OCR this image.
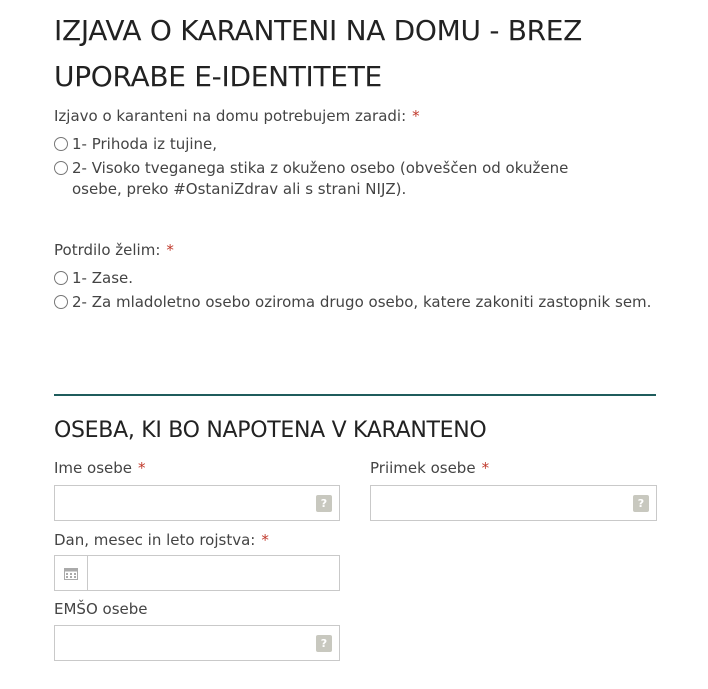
IZJAVA O KARANTENI NA DOMU - BREZ UPORABE E-IDENTITETE
Izjavo o karanteni na domu potrebujem zaradi: *
1- Prihoda iz tujine,
2- Visoko tveganega stika z okuženo osebo (obveščen od okužene osebe, preko #OstaniZdrav ali s strani NIJZ).
Potrdilo želim: *
1- Zase.
2- Za mladoletno osebo oziroma drugo osebo, katere zakoniti zastopnik sem.
OSEBA, KI BO NAPOTENA V KARANTENO
Ime osebe *
?
Priimek osebe *
?
Dan, mesec in leto rojstva: *
EMŠO osebe
?
